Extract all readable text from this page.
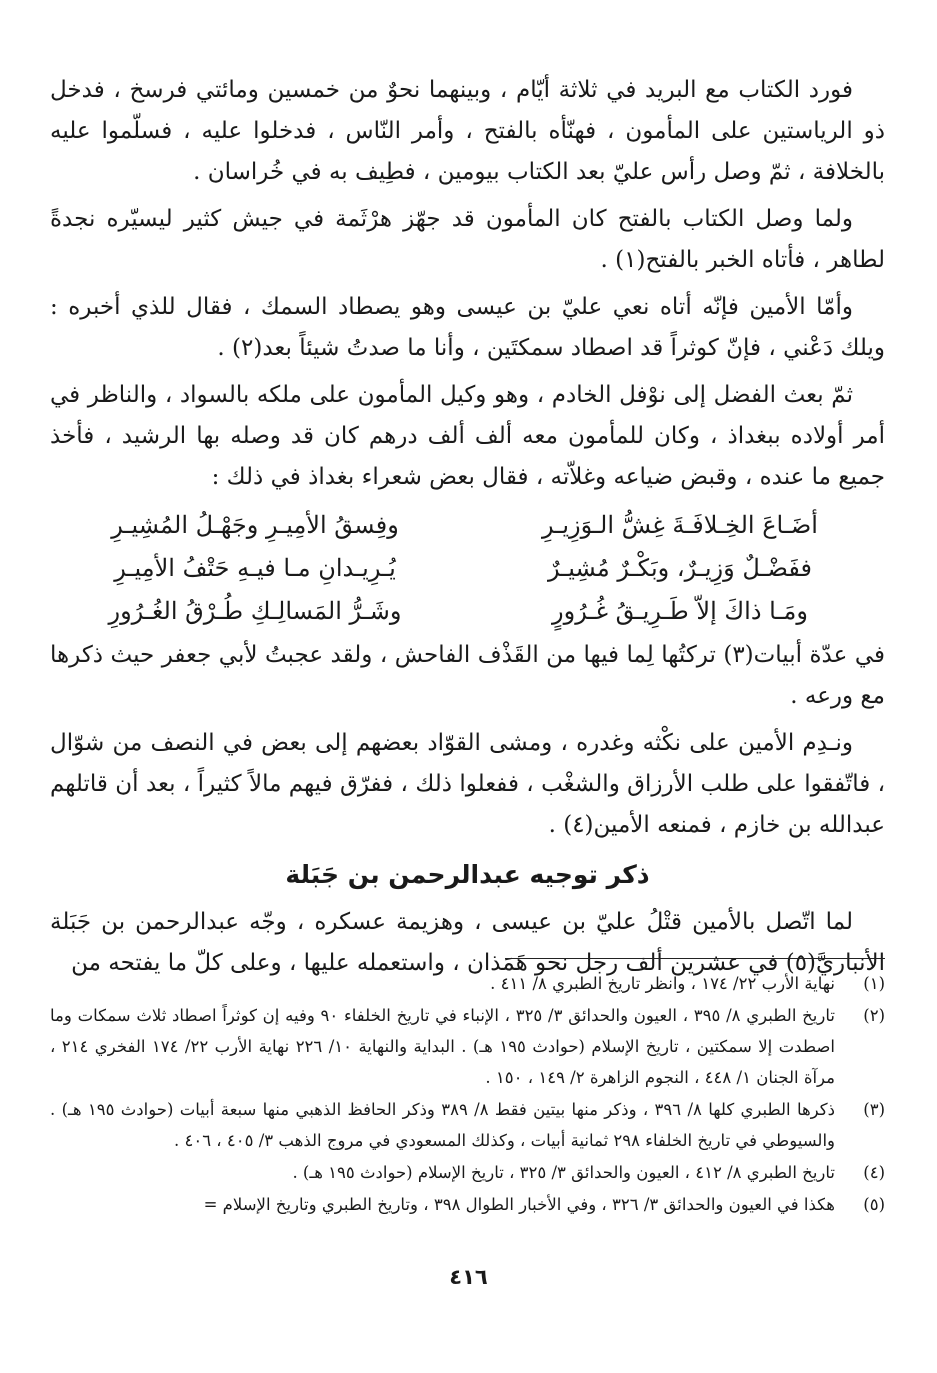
فورد الكتاب مع البريد في ثلاثة أيّام ، وبينهما نحوٌ من خمسين ومائتي فرسخ ، فدخل ذو الرياستين على المأمون ، فهنّأه بالفتح ، وأمر النّاس ، فدخلوا عليه ، فسلّموا عليه بالخلافة ، ثمّ وصل رأس عليّ بعد الكتاب بيومين ، فطِيف به في خُراسان .

ولما وصل الكتاب بالفتح كان المأمون قد جهّز هرْثَمة في جيش كثير ليسيّره نجدةً لطاهر ، فأتاه الخبر بالفتح(١) .

وأمّا الأمين فإنّه أتاه نعي عليّ بن عيسى وهو يصطاد السمك ، فقال للذي أخبره : ويلك دَعْني ، فإنّ كوثراً قد اصطاد سمكتَين ، وأنا ما صدتُ شيئاً بعد(٢) .

ثمّ بعث الفضل إلى نوْفل الخادم ، وهو وكيل المأمون على ملكه بالسواد ، والناظر في أمر أولاده ببغداذ ، وكان للمأمون معه ألف ألف درهم كان قد وصله بها الرشيد ، فأخذ جميع ما عنده ، وقبض ضياعه وغلاّته ، فقال بعض شعراء بغداذ في ذلك :

أضَـاعَ الخِـلافَـةَ غِشُّ الـوَزِيـرِ
وفِسقُ الأمِيـرِ وجَهْـلُ المُشِيـرِ
ففَضْـلٌ وَزِيـرٌ، وبَكْـرٌ مُشِيـرٌ
يُـرِيـدانِ مـا فيـهِ حَتْفُ الأمِيـرِ
ومَـا ذاكَ إلاّ طَـرِيـقُ غُـرُورٍ
وشَـرُّ المَسالِـكِ طُـرْقُ الغُـرُورِ

في عدّة أبيات(٣) تركتُها لِما فيها من القَذْف الفاحش ، ولقد عجبتُ لأبي جعفر حيث ذكرها مع ورعه .

ونـدِم الأمين على نكْثه وغدره ، ومشى القوّاد بعضهم إلى بعض في النصف من شوّال ، فاتّفقوا على طلب الأرزاق والشغْب ، ففعلوا ذلك ، ففرّق فيهم مالاً كثيراً ، بعد أن قاتلهم عبدالله بن خازم ، فمنعه الأمين(٤) .

ذكر توجيه عبدالرحمن بن جَبَلة

لما اتّصل بالأمين قتْلُ عليّ بن عيسى ، وهزيمة عسكره ، وجّه عبدالرحمن بن جَبَلة الأنباريَّ(٥) في عشرين ألف رجل نحو هَمَذان ، واستعمله عليها ، وعلى كلّ ما يفتحه من

(١)
نهاية الأرب ٢٢/ ١٧٤ ، وانظر تاريخ الطبري ٨/ ٤١١ .
(٢)
تاريخ الطبري ٨/ ٣٩٥ ، العيون والحدائق ٣/ ٣٢٥ ، الإنباء في تاريخ الخلفاء ٩٠ وفيه إن كوثراً اصطاد ثلاث سمكات وما اصطدت إلا سمكتين ، تاريخ الإسلام (حوادث ١٩٥ هـ) . البداية والنهاية ١٠/ ٢٢٦ نهاية الأرب ٢٢/ ١٧٤ الفخري ٢١٤ ، مرآة الجنان ١/ ٤٤٨ ، النجوم الزاهرة ٢/ ١٤٩ ، ١٥٠ .
(٣)
ذكرها الطبري كلها ٨/ ٣٩٦ ، وذكر منها بيتين فقط ٨/ ٣٨٩ وذكر الحافظ الذهبي منها سبعة أبيات (حوادث ١٩٥ هـ) . والسيوطي في تاريخ الخلفاء ٢٩٨ ثمانية أبيات ، وكذلك المسعودي في مروج الذهب ٣/ ٤٠٥ ، ٤٠٦ .
(٤)
تاريخ الطبري ٨/ ٤١٢ ، العيون والحدائق ٣/ ٣٢٥ ، تاريخ الإسلام (حوادث ١٩٥ هـ) .
(٥)
هكذا في العيون والحدائق ٣/ ٣٢٦ ، وفي الأخبار الطوال ٣٩٨ ، وتاريخ الطبري وتاريخ الإسلام =
٤١٦
